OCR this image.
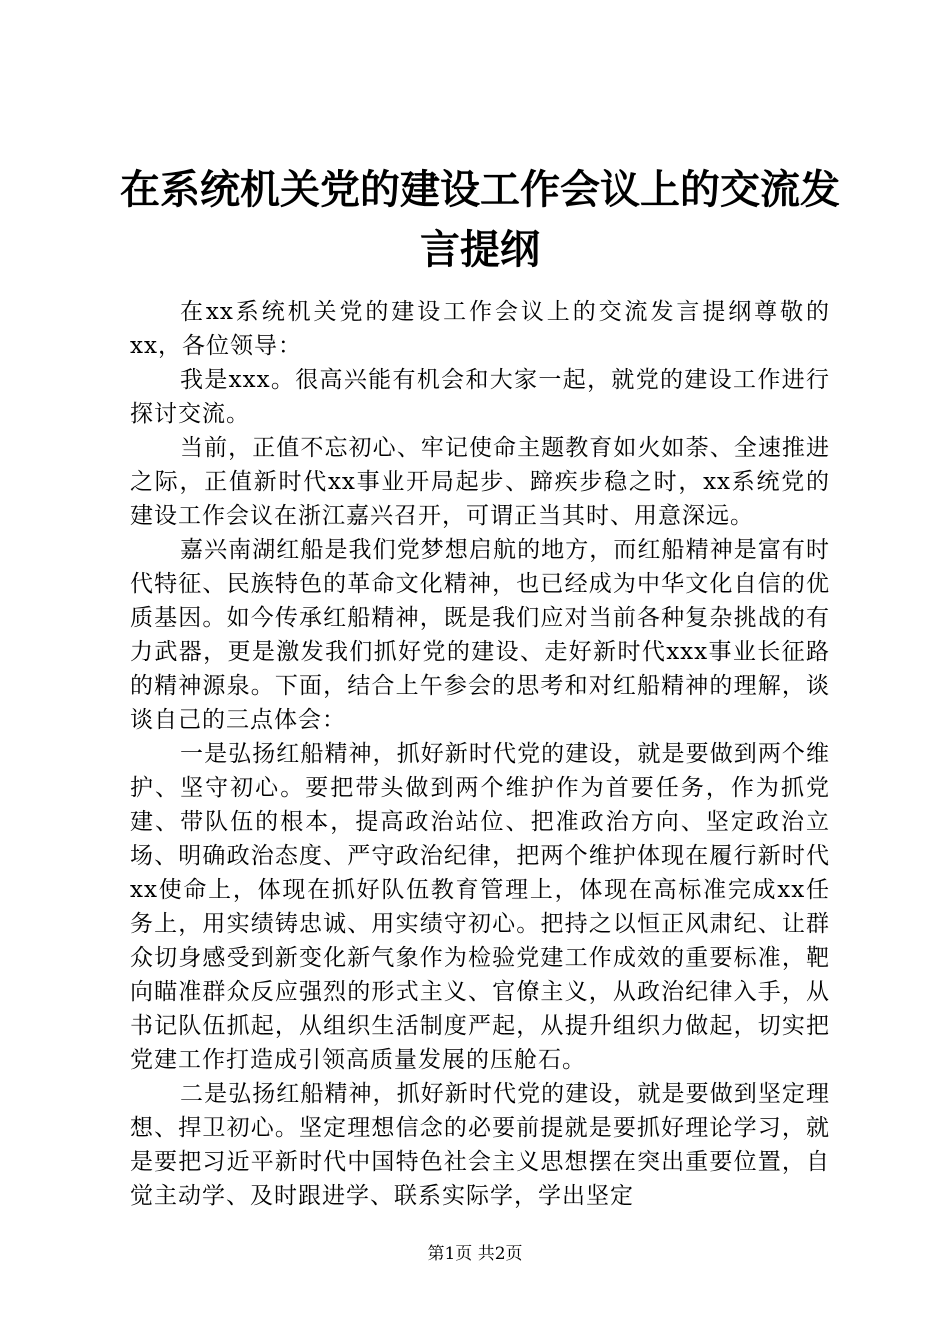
在系统机关党的建设工作会议上的交流发言提纲

在xx系统机关党的建设工作会议上的交流发言提纲尊敬的xx，各位领导：

我是xxx。很高兴能有机会和大家一起，就党的建设工作进行探讨交流。

当前，正值不忘初心、牢记使命主题教育如火如荼、全速推进之际，正值新时代xx事业开局起步、蹄疾步稳之时，xx系统党的建设工作会议在浙江嘉兴召开，可谓正当其时、用意深远。

嘉兴南湖红船是我们党梦想启航的地方，而红船精神是富有时代特征、民族特色的革命文化精神，也已经成为中华文化自信的优质基因。如今传承红船精神，既是我们应对当前各种复杂挑战的有力武器，更是激发我们抓好党的建设、走好新时代xxx事业长征路的精神源泉。下面，结合上午参会的思考和对红船精神的理解，谈谈自己的三点体会：

一是弘扬红船精神，抓好新时代党的建设，就是要做到两个维护、坚守初心。要把带头做到两个维护作为首要任务，作为抓党建、带队伍的根本，提高政治站位、把准政治方向、坚定政治立场、明确政治态度、严守政治纪律，把两个维护体现在履行新时代xx使命上，体现在抓好队伍教育管理上，体现在高标准完成xx任务上，用实绩铸忠诚、用实绩守初心。把持之以恒正风肃纪、让群众切身感受到新变化新气象作为检验党建工作成效的重要标准，靶向瞄准群众反应强烈的形式主义、官僚主义，从政治纪律入手，从书记队伍抓起，从组织生活制度严起，从提升组织力做起，切实把党建工作打造成引领高质量发展的压舱石。

二是弘扬红船精神，抓好新时代党的建设，就是要做到坚定理想、捍卫初心。坚定理想信念的必要前提就是要抓好理论学习，就是要把习近平新时代中国特色社会主义思想摆在突出重要位置，自觉主动学、及时跟进学、联系实际学，学出坚定

第1页 共2页
